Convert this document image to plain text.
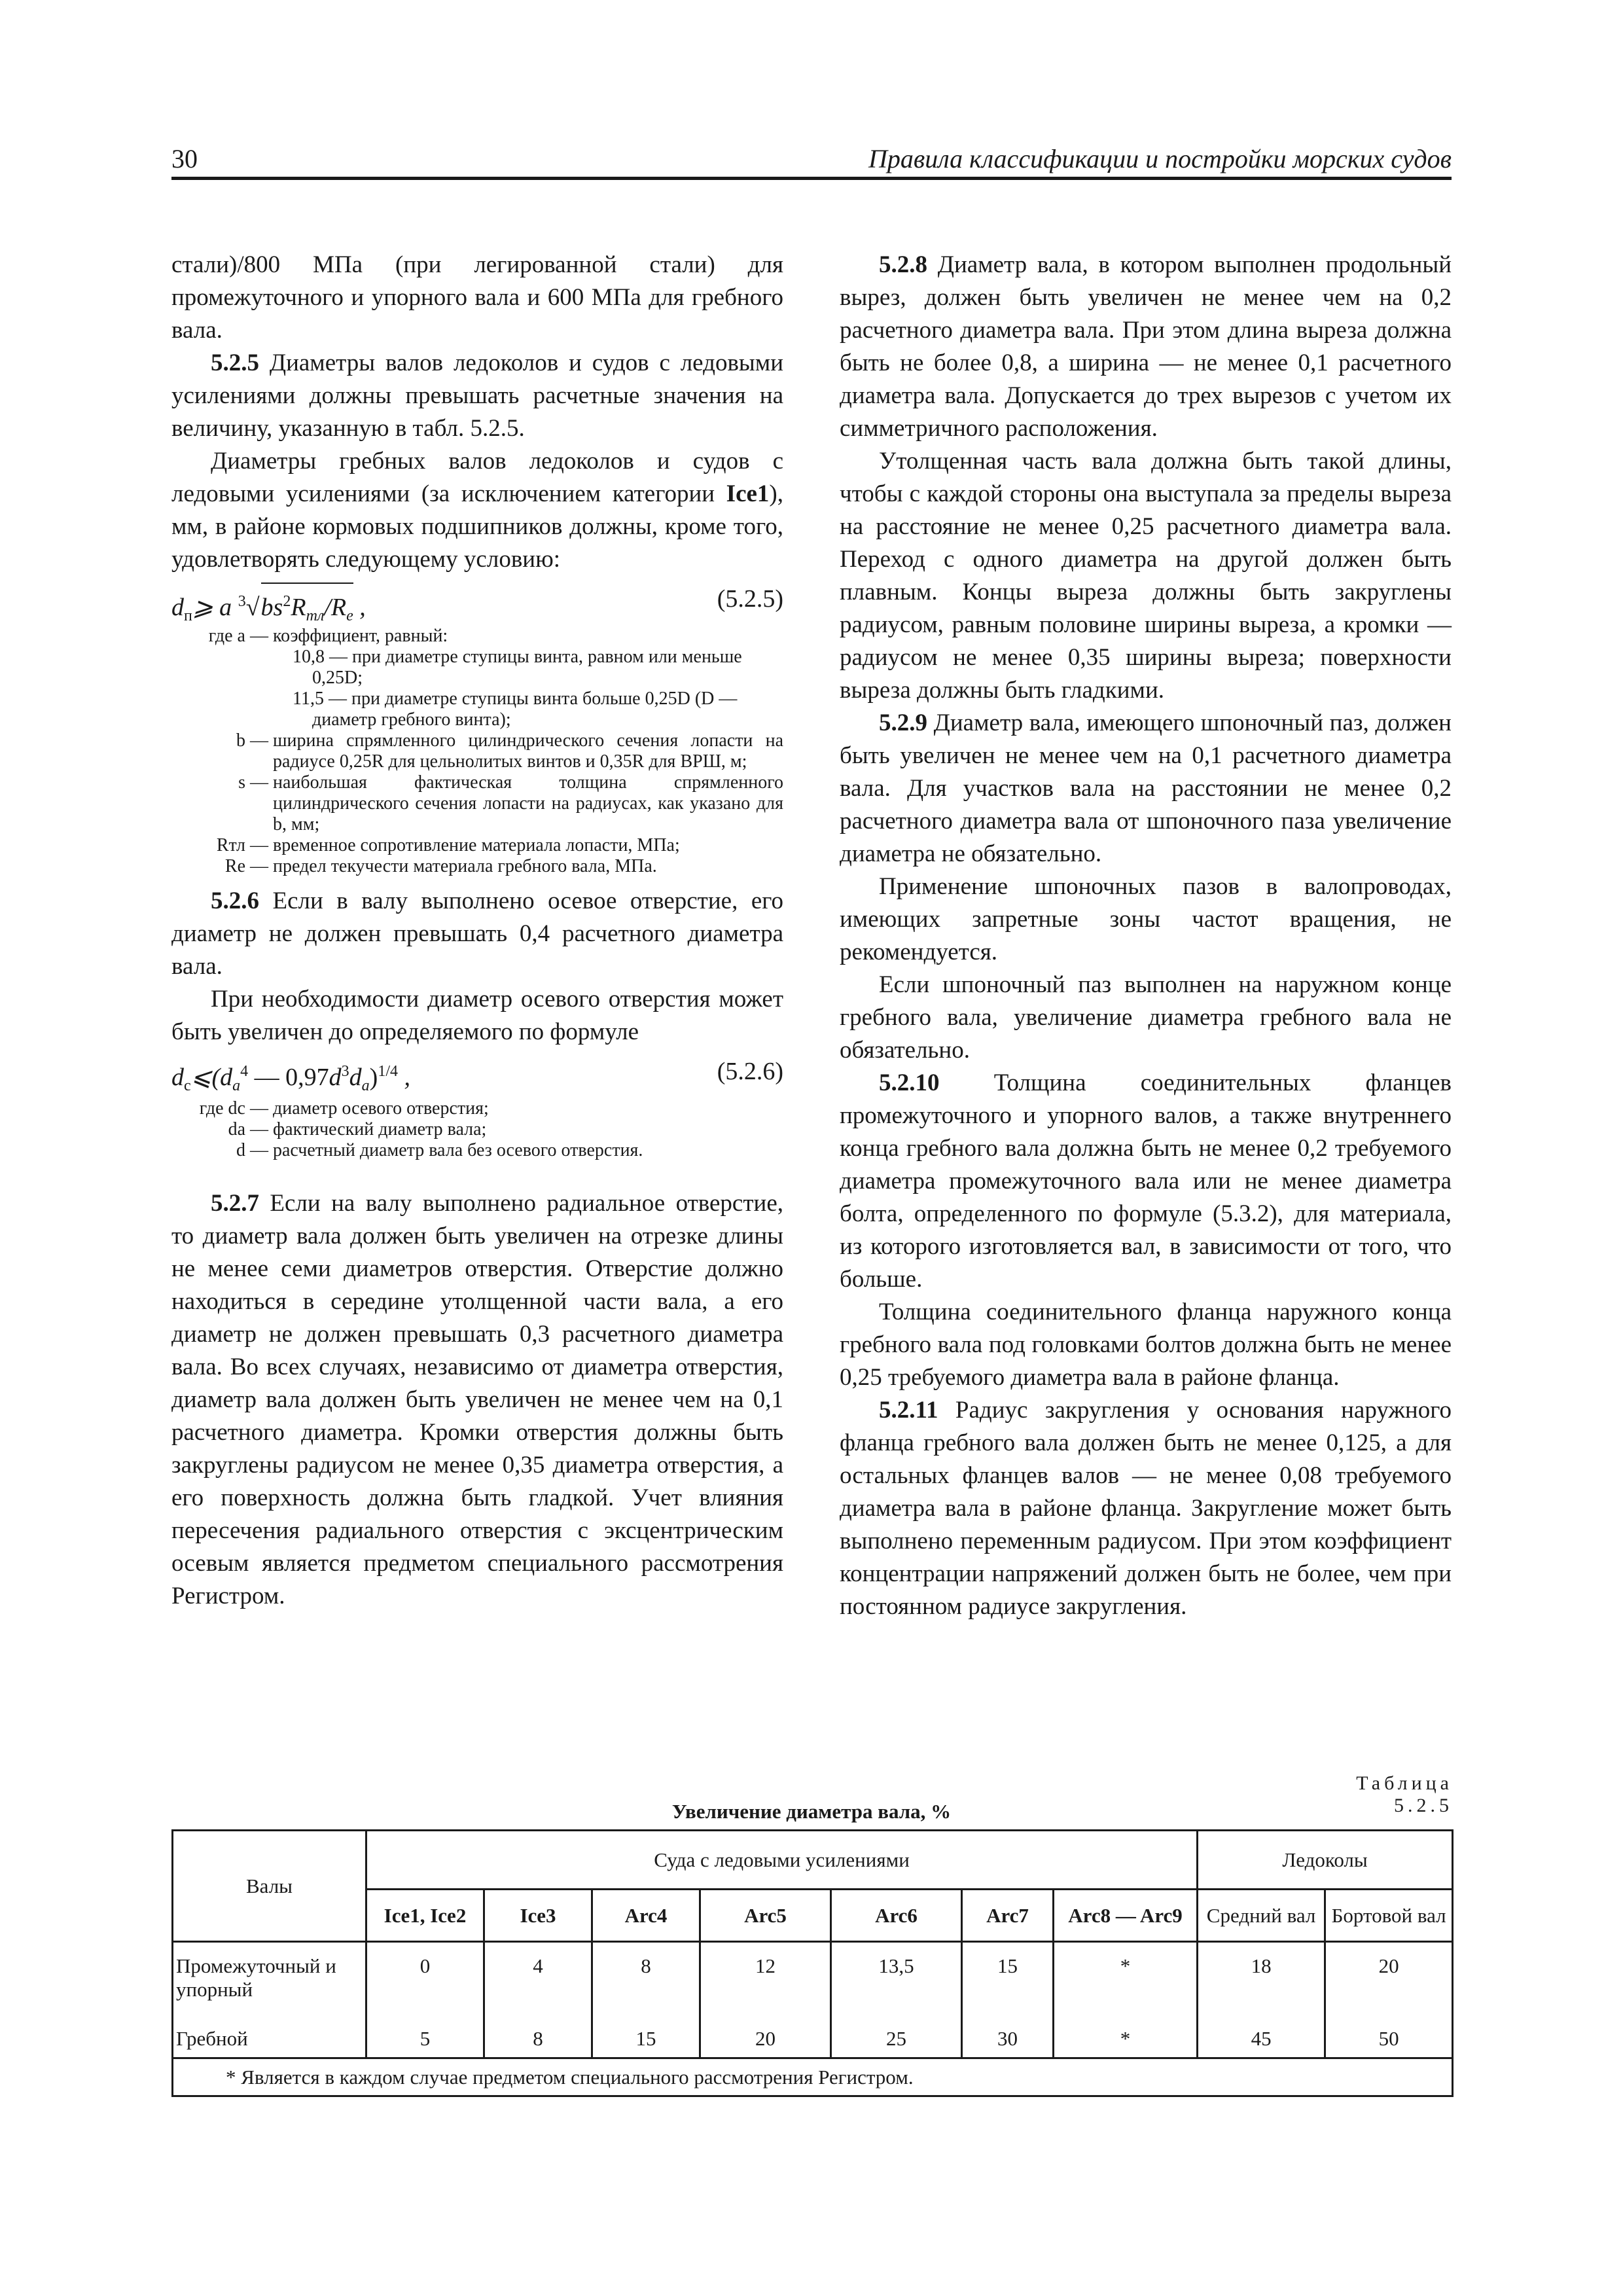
30	Правила классификации и постройки морских судов

стали)/800 МПа (при легированной стали) для промежуточного и упорного вала и 600 МПа для гребного вала.

5.2.5 Диаметры валов ледоколов и судов с ледовыми усилениями должны превышать расчетные значения на величину, указанную в табл. 5.2.5.

Диаметры гребных валов ледоколов и судов с ледовыми усилениями (за исключением категории Ice1), мм, в районе кормовых подшипников должны, кроме того, удовлетворять следующему условию:

$d_п⩾$ a $^3√bs^2R_{тл}/R_e$ ,	(5.2.5)
где a — коэффициент, равный:
10,8 — при диаметре ступицы винта, равном или меньше 0,25D;
11,5 — при диаметре ступицы винта больше 0,25D (D — диаметр гребного винта);
b — ширина спрямленного цилиндрического сечения лопасти на радиусе 0,25R для цельнолитых винтов и 0,35R для ВРШ, м;
s — наибольшая фактическая толщина спрямленного цилиндрического сечения лопасти на радиусах, как указано для b, мм;
Rтл — временное сопротивление материала лопасти, МПа;
Re — предел текучести материала гребного вала, МПа.

5.2.6 Если в валу выполнено осевое отверстие, его диаметр не должен превышать 0,4 расчетного диаметра вала.

При необходимости диаметр осевого отверстия может быть увеличен до определяемого по формуле

$d_c⩽(d_a^4$ — $0,97d^3d_a)^{1/4}$ ,	(5.2.6)
где dc — диаметр осевого отверстия;
da — фактический диаметр вала;
d — расчетный диаметр вала без осевого отверстия.

5.2.7 Если на валу выполнено радиальное отверстие, то диаметр вала должен быть увеличен на отрезке длины не менее семи диаметров отверстия. Отверстие должно находиться в середине утолщенной части вала, а его диаметр не должен превышать 0,3 расчетного диаметра вала. Во всех случаях, независимо от диаметра отверстия, диаметр вала должен быть увеличен не менее чем на 0,1 расчетного диаметра. Кромки отверстия должны быть закруглены радиусом не менее 0,35 диаметра отверстия, а его поверхность должна быть гладкой. Учет влияния пересечения радиального отверстия с эксцентрическим осевым является предметом специального рассмотрения Регистром.

5.2.8 Диаметр вала, в котором выполнен продольный вырез, должен быть увеличен не менее чем на 0,2 расчетного диаметра вала. При этом длина выреза должна быть не более 0,8, а ширина — не менее 0,1 расчетного диаметра вала. Допускается до трех вырезов с учетом их симметричного расположения.

Утолщенная часть вала должна быть такой длины, чтобы с каждой стороны она выступала за пределы выреза на расстояние не менее 0,25 расчетного диаметра вала. Переход с одного диаметра на другой должен быть плавным. Концы выреза должны быть закруглены радиусом, равным половине ширины выреза, а кромки — радиусом не менее 0,35 ширины выреза; поверхности выреза должны быть гладкими.

5.2.9 Диаметр вала, имеющего шпоночный паз, должен быть увеличен не менее чем на 0,1 расчетного диаметра вала. Для участков вала на расстоянии не менее 0,2 расчетного диаметра вала от шпоночного паза увеличение диаметра не обязательно.

Применение шпоночных пазов в валопроводах, имеющих запретные зоны частот вращения, не рекомендуется.

Если шпоночный паз выполнен на наружном конце гребного вала, увеличение диаметра гребного вала не обязательно.

5.2.10 Толщина соединительных фланцев промежуточного и упорного валов, а также внутреннего конца гребного вала должна быть не менее 0,2 требуемого диаметра промежуточного вала или не менее диаметра болта, определенного по формуле (5.3.2), для материала, из которого изготовляется вал, в зависимости от того, что больше.

Толщина соединительного фланца наружного конца гребного вала под головками болтов должна быть не менее 0,25 требуемого диаметра вала в районе фланца.

5.2.11 Радиус закругления у основания наружного фланца гребного вала должен быть не менее 0,125, а для остальных фланцев валов — не менее 0,08 требуемого диаметра вала в районе фланца. Закругление может быть выполнено переменным радиусом. При этом коэффициент концентрации напряжений должен быть не более, чем при постоянном радиусе закругления.

Таблица 5.2.5
Увеличение диаметра вала, %
Валы	Суда с ледовыми усилениями							Ледоколы	
	Ice1, Ice2	Ice3	Arc4	Arc5	Arc6	Arc7	Arc8 — Arc9	Средний вал	Бортовой вал
Промежуточный и упорный	0	4	8	12	13,5	15	*	18	20
Гребной	5	8	15	20	25	30	*	45	50
* Является в каждом случае предметом специального рассмотрения Регистром.									
